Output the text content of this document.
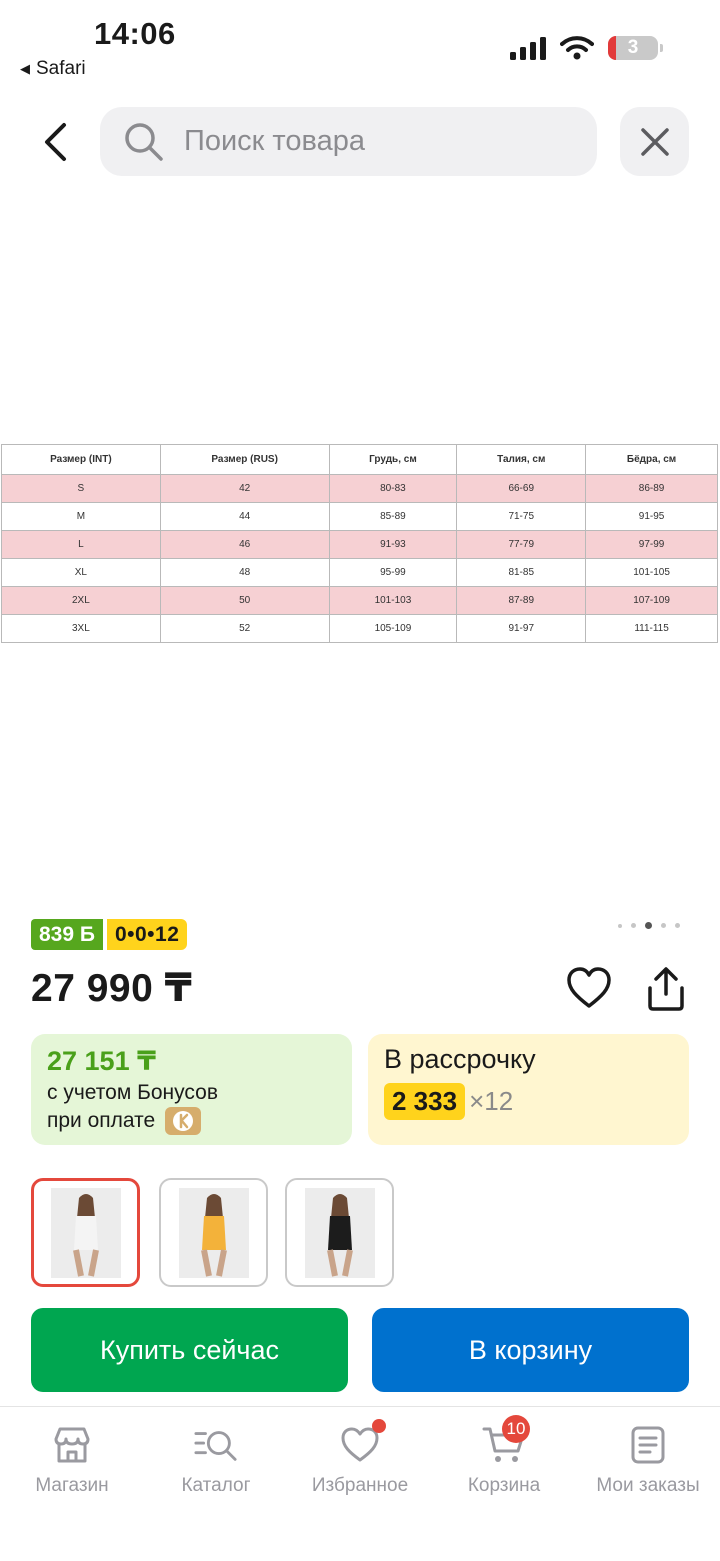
14:06
◀ Safari
3
Поиск товара
Размер (INT)	Размер (RUS)	Грудь, см	Талия, см	Бёдра, см
S	42	80-83	66-69	86-89
M	44	85-89	71-75	91-95
L	46	91-93	77-79	97-99
XL	48	95-99	81-85	101-105
2XL	50	101-103	87-89	107-109
3XL	52	105-109	91-97	111-115
839 Б 0•0•12
27 990 ₸
27 151 ₸
с учетом Бонусов
при оплате
В рассрочку
2 333 ×12
Купить сейчас	В корзину
Магазин	Каталог	Избранное
10
Корзина	Мои заказы
